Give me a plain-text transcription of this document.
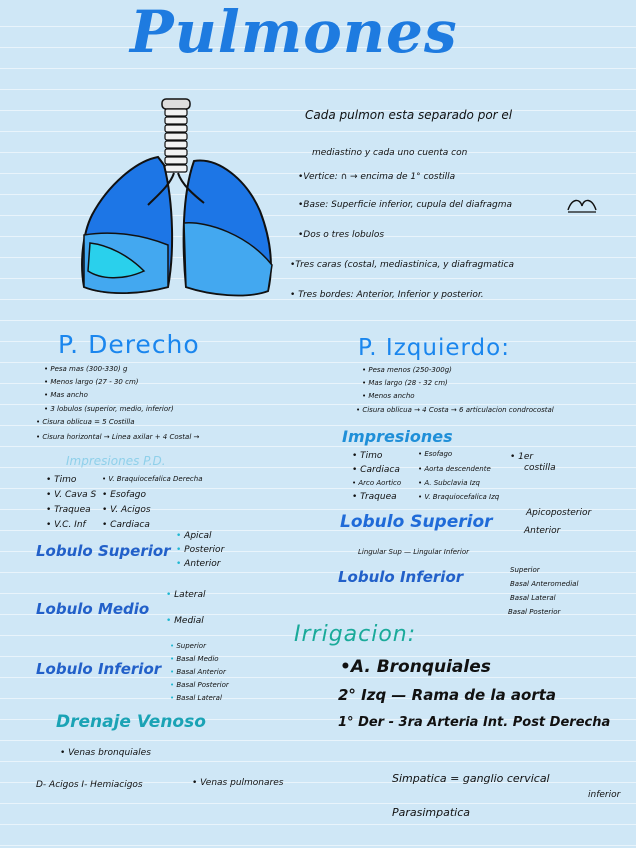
Pulmones
Cada pulmon esta separado por el
mediastino y cada uno cuenta con
•Vertice: ∩ → encima de 1° costilla
•Base: Superficie inferior, cupula del diafragma
•Dos o tres lobulos
•Tres caras (costal, mediastinica, y diafragmatica
• Tres bordes: Anterior, Inferior y posterior.
P. Derecho
• Pesa mas (300-330) g
• Menos largo (27 - 30 cm)
• Mas ancho
• 3 lobulos (superior, medio, inferior)
• Cisura oblicua = 5 Costilla
• Cisura horizontal → Linea axilar + 4 Costal →
Impresiones P.D.
• Timo
• V. Cava S
• Traquea
• V.C. Inf
• V. Braquiocefalica Derecha
• Esofago
• V. Acigos
• Cardiaca
Lobulo Superior
• Apical
• Posterior
• Anterior
Lobulo Medio
• Lateral
• Medial
Lobulo Inferior
• Superior
• Basal Medio
• Basal Anterior
• Basal Posterior
• Basal Lateral
Drenaje Venoso
• Venas bronquiales
D- Acigos I- Hemiacigos	• Venas pulmonares
P. Izquierdo:
• Pesa menos (250-300g)
• Mas largo (28 - 32 cm)
• Menos ancho
• Cisura oblicua → 4 Costa → 6 articulacion condrocostal
Impresiones
• Timo
• Cardiaca
• Arco Aortico
• Traquea
• Esofago
• Aorta descendente
• A. Subclavia Izq
• V. Braquiocefalica Izq
• 1er
costilla
Lobulo Superior	Apicoposterior
Anterior
Lingular Sup — Lingular Inferior
Lobulo Inferior	Superior
Basal Anteromedial
Basal Lateral
Basal Posterior
Irrigacion:
•A. Bronquiales
2° Izq — Rama de la aorta
1° Der - 3ra Arteria Int. Post Derecha
Simpatica = ganglio cervical
inferior
Parasimpatica
